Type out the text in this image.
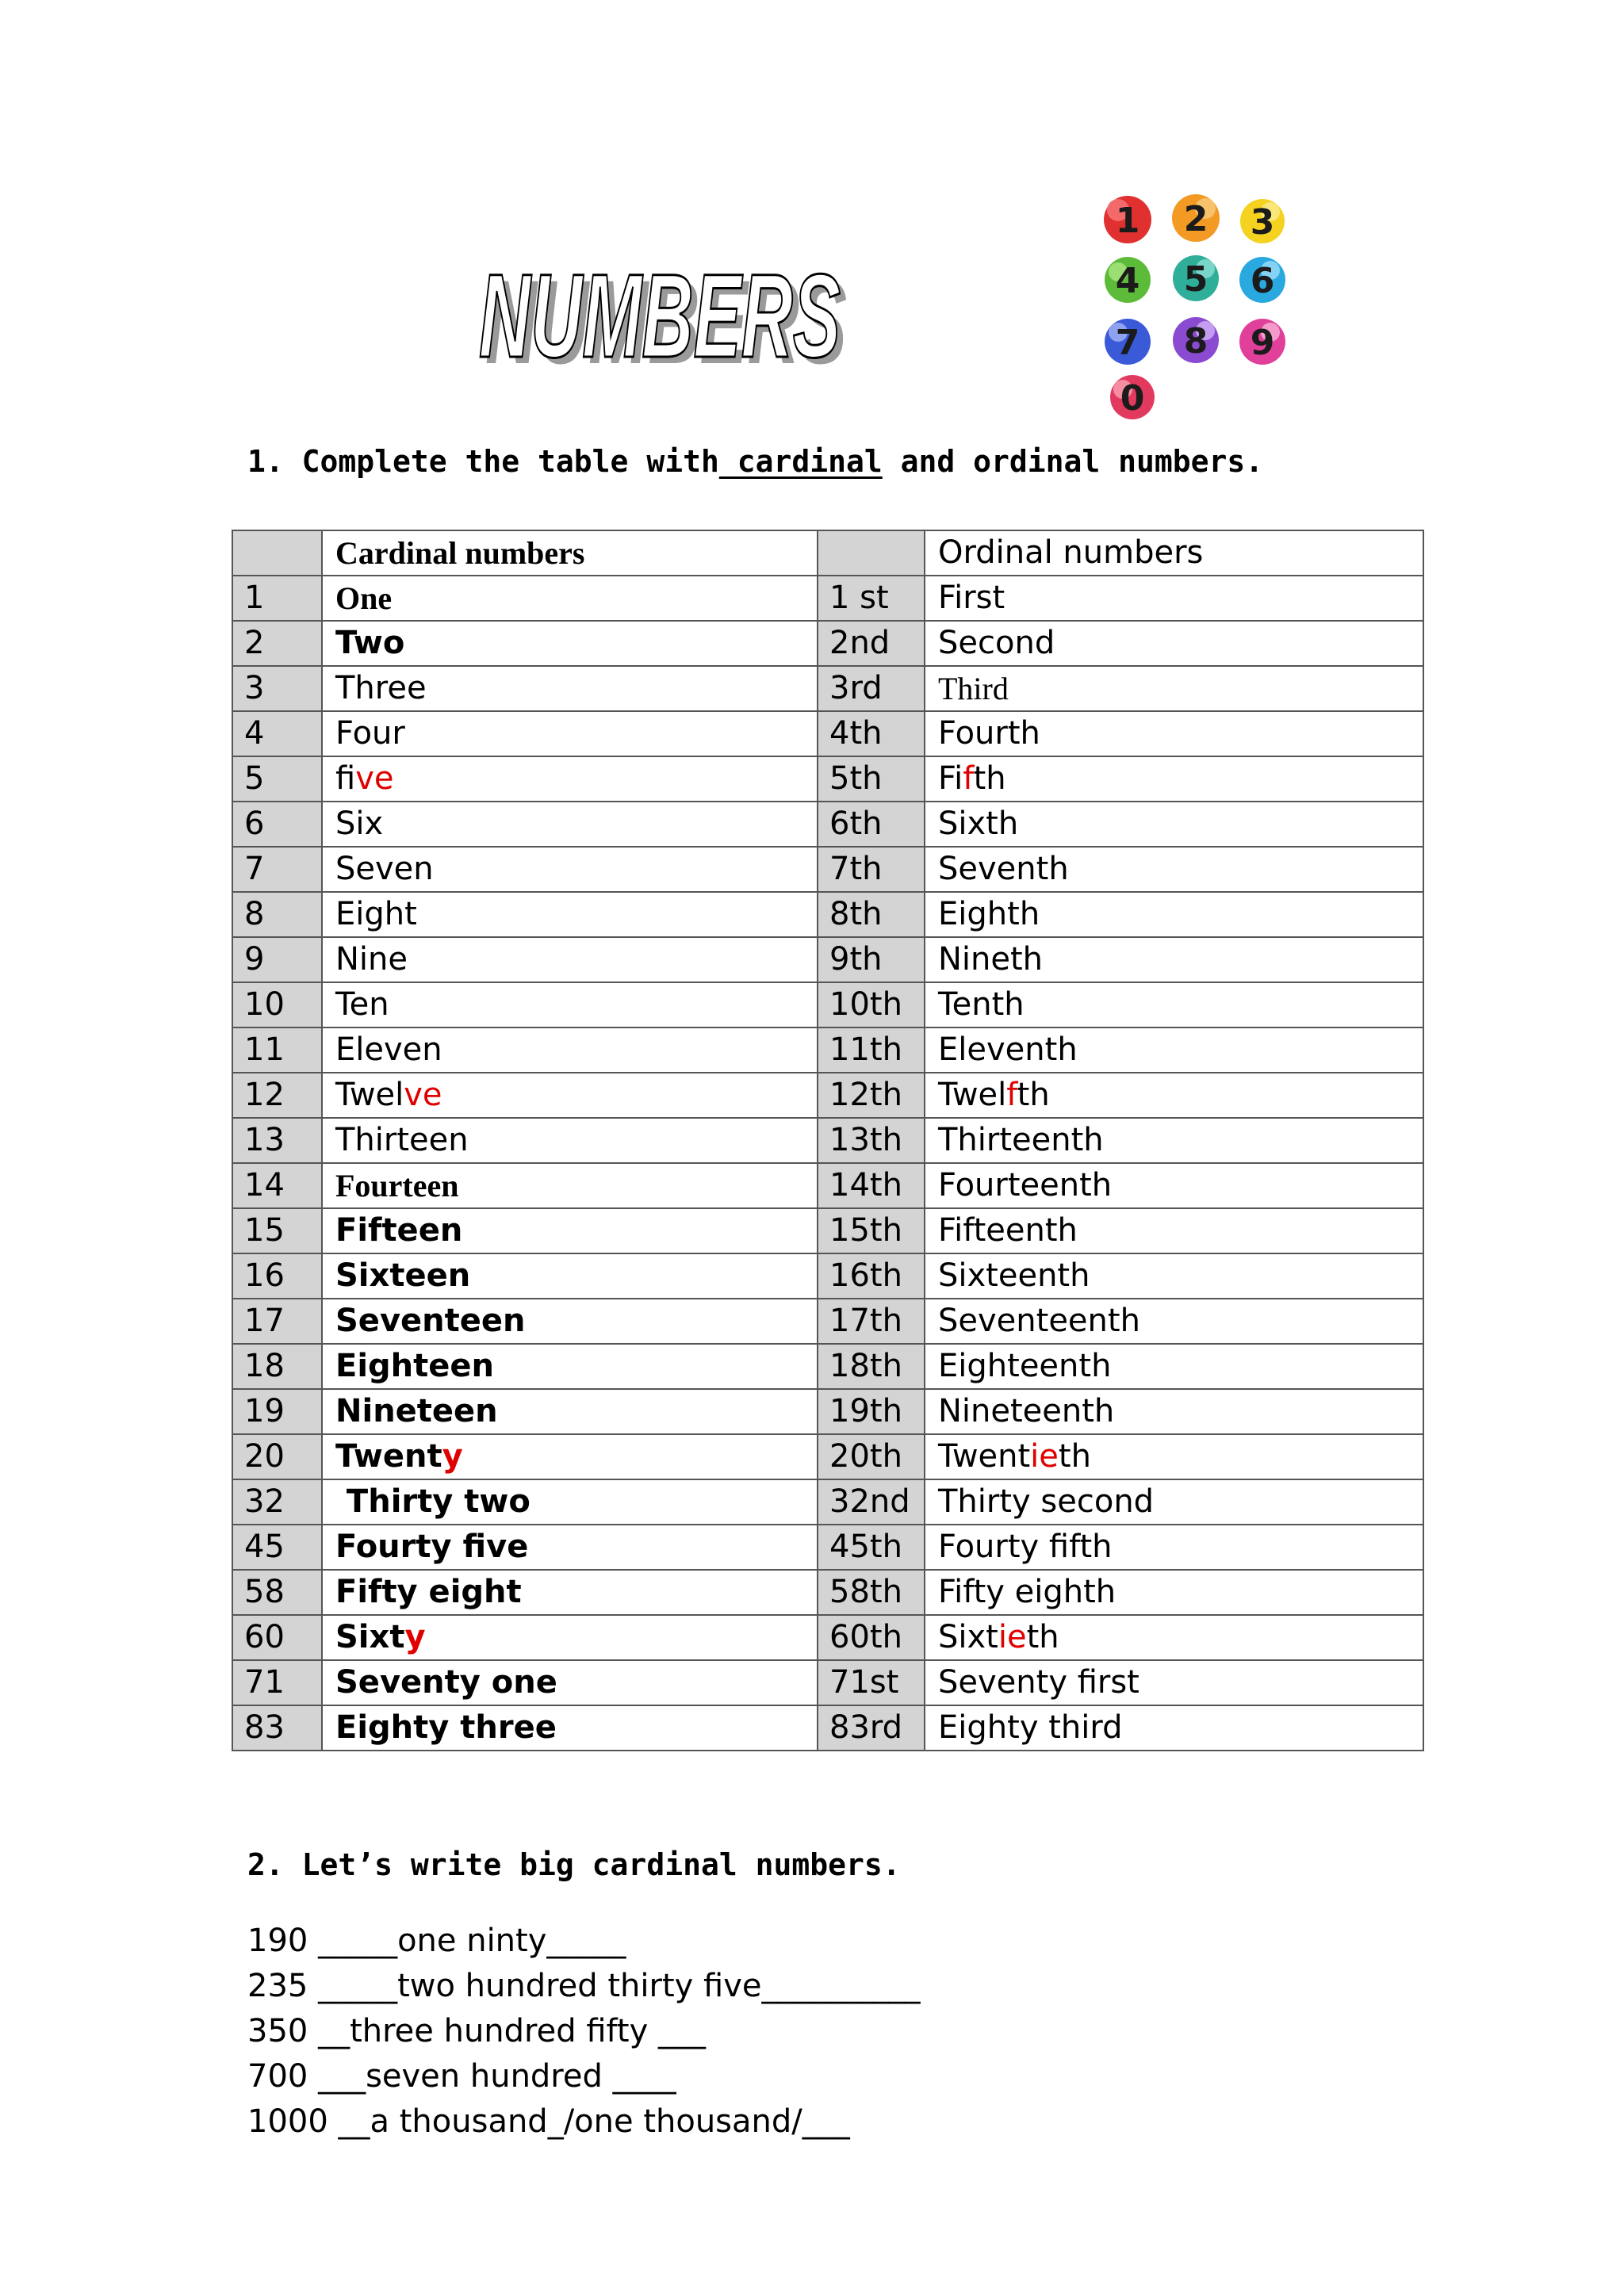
NUMBERS
NUMBERS
1 2 3
4 5 6
7 8 9
0
1. Complete the table with cardinal and ordinal numbers.
	Cardinal numbers		Ordinal numbers
1	One	1 st	First
2	Two	2nd	Second
3	Three	3rd	Third
4	Four	4th	Fourth
5	five	5th	Fifth
6	Six	6th	Sixth
7	Seven	7th	Seventh
8	Eight	8th	Eighth
9	Nine	9th	Nineth
10	Ten	10th	Tenth
11	Eleven	11th	Eleventh
12	Twelve	12th	Twelfth
13	Thirteen	13th	Thirteenth
14	Fourteen	14th	Fourteenth
15	Fifteen	15th	Fifteenth
16	Sixteen	16th	Sixteenth
17	Seventeen	17th	Seventeenth
18	Eighteen	18th	Eighteenth
19	Nineteen	19th	Nineteenth
20	Twenty	20th	Twentieth
32	Thirty two	32nd	Thirty second
45	Fourty five	45th	Fourty fifth
58	Fifty eight	58th	Fifty eighth
60	Sixty	60th	Sixtieth
71	Seventy one	71st	Seventy first
83	Eighty three	83rd	Eighty third
2. Let’s write big cardinal numbers.
190 _____one ninty_____
235 _____two hundred thirty five__________
350 __three hundred fifty ___
700 ___seven hundred ____
1000 __a thousand_/one thousand/___
